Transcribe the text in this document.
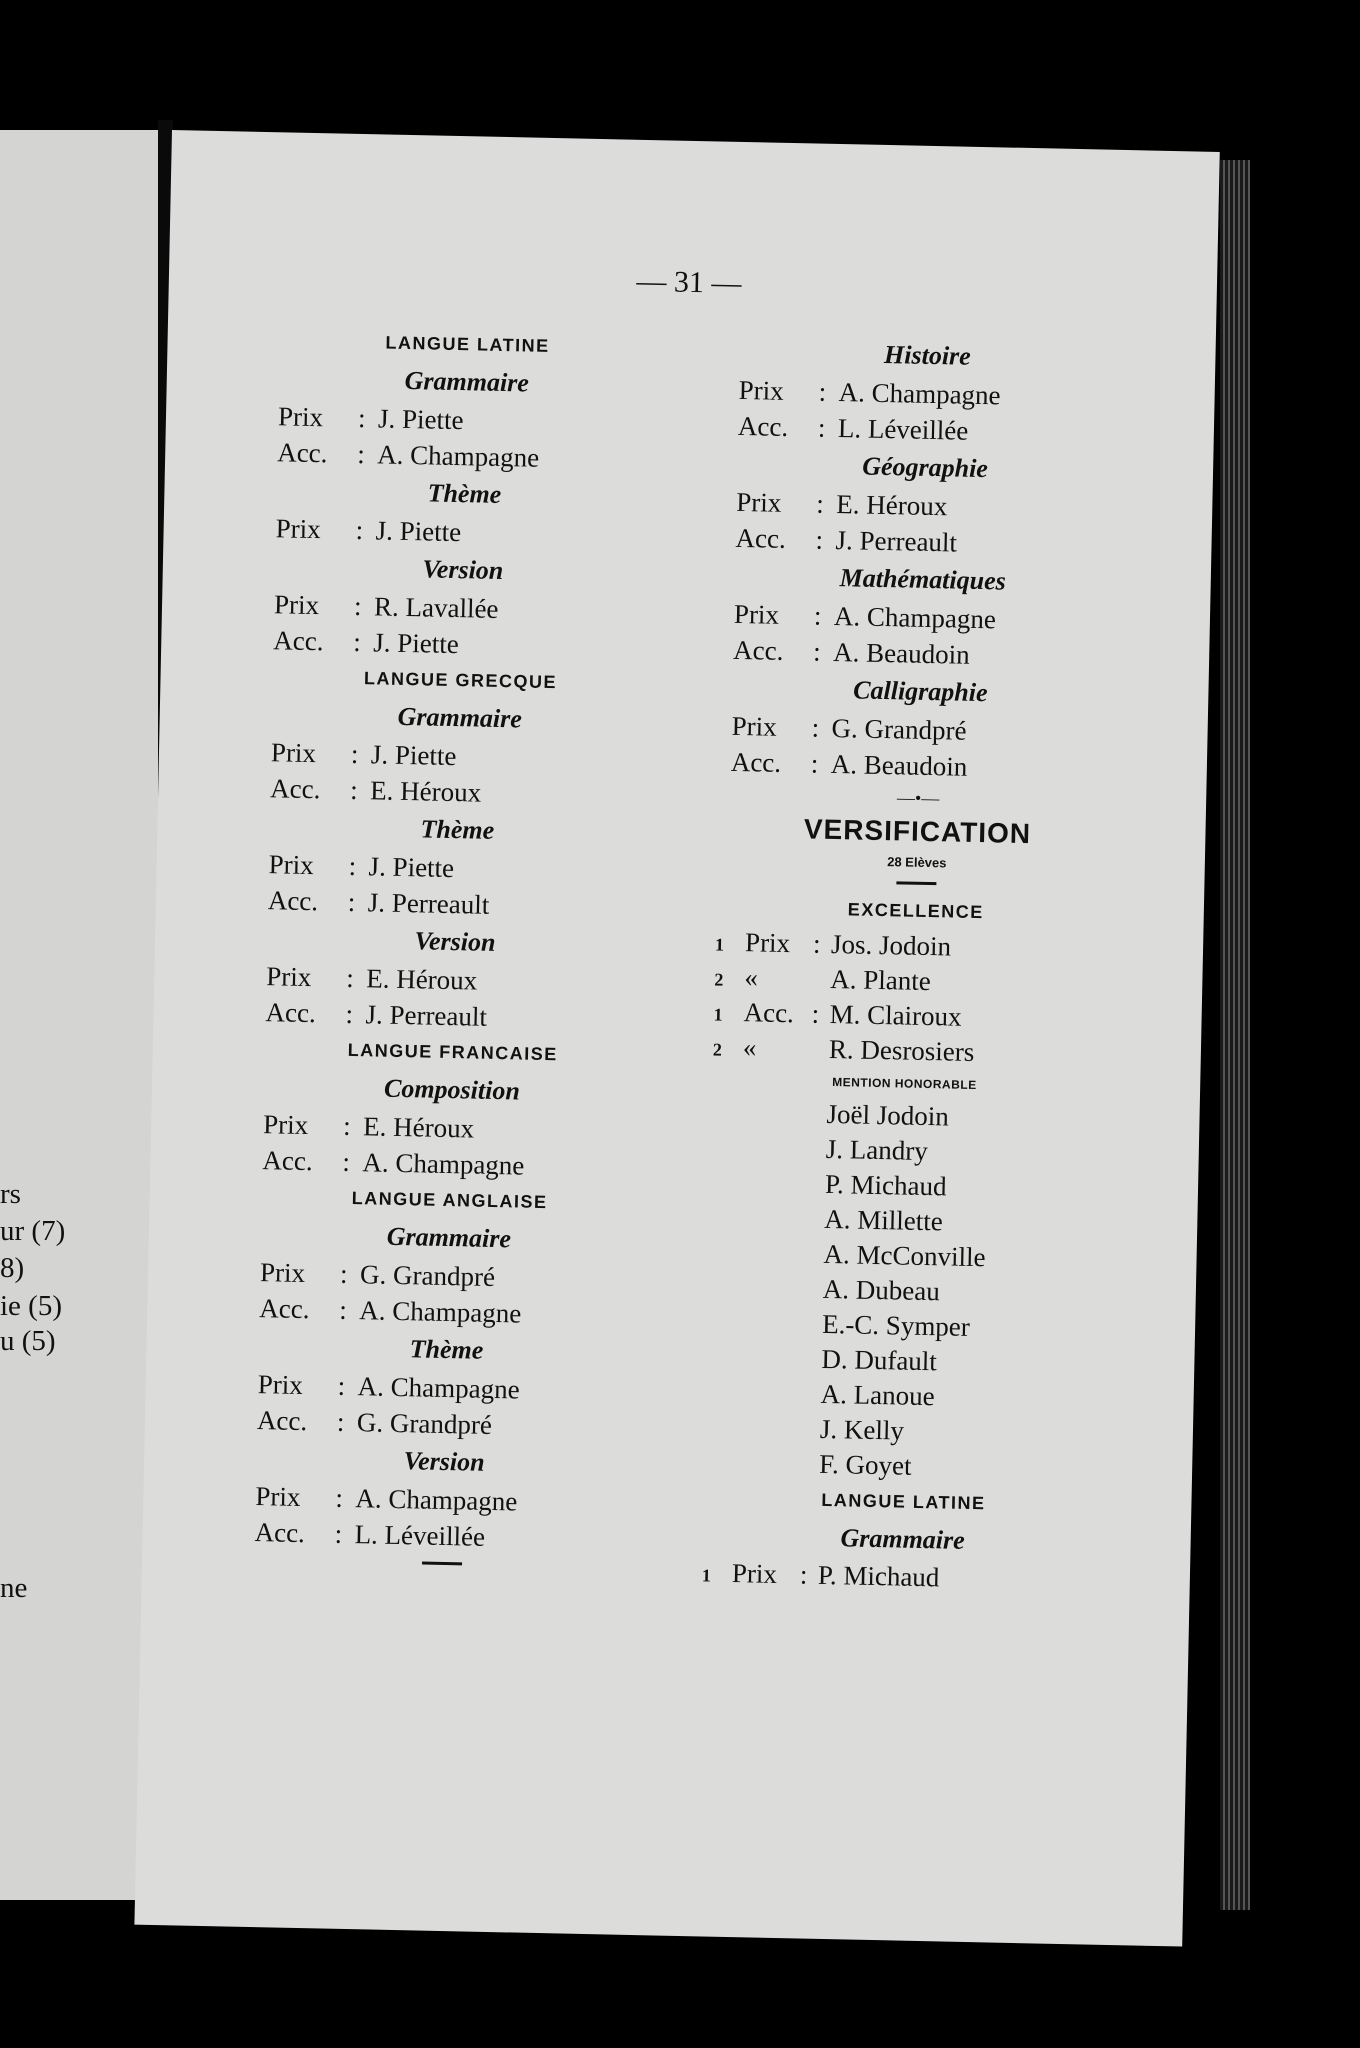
rs
ur (7)
8)
ie (5)
u (5)
ne
— 31 —
LANGUE LATINE
Grammaire
Prix : J. Piette
Acc. : A. Champagne
Thème
Prix : J. Piette
Version
Prix : R. Lavallée
Acc. : J. Piette
LANGUE GRECQUE
Grammaire
Prix : J. Piette
Acc. : E. Héroux
Thème
Prix : J. Piette
Acc. : J. Perreault
Version
Prix : E. Héroux
Acc. : J. Perreault
LANGUE FRANCAISE
Composition
Prix : E. Héroux
Acc. : A. Champagne
LANGUE ANGLAISE
Grammaire
Prix : G. Grandpré
Acc. : A. Champagne
Thème
Prix : A. Champagne
Acc. : G. Grandpré
Version
Prix : A. Champagne
Acc. : L. Léveillée
Histoire
Prix : A. Champagne
Acc. : L. Léveillée
Géographie
Prix : E. Héroux
Acc. : J. Perreault
Mathématiques
Prix : A. Champagne
Acc. : A. Beaudoin
Calligraphie
Prix : G. Grandpré
Acc. : A. Beaudoin
—•—
VERSIFICATION
28 Elèves
EXCELLENCE
1 Prix : Jos. Jodoin
2 «	A. Plante
1 Acc. : M. Clairoux
2 «	R. Desrosiers
MENTION HONORABLE
Joël Jodoin
J. Landry
P. Michaud
A. Millette
A. McConville
A. Dubeau
E.-C. Symper
D. Dufault
A. Lanoue
J. Kelly
F. Goyet
LANGUE LATINE
Grammaire
1 Prix : P. Michaud
